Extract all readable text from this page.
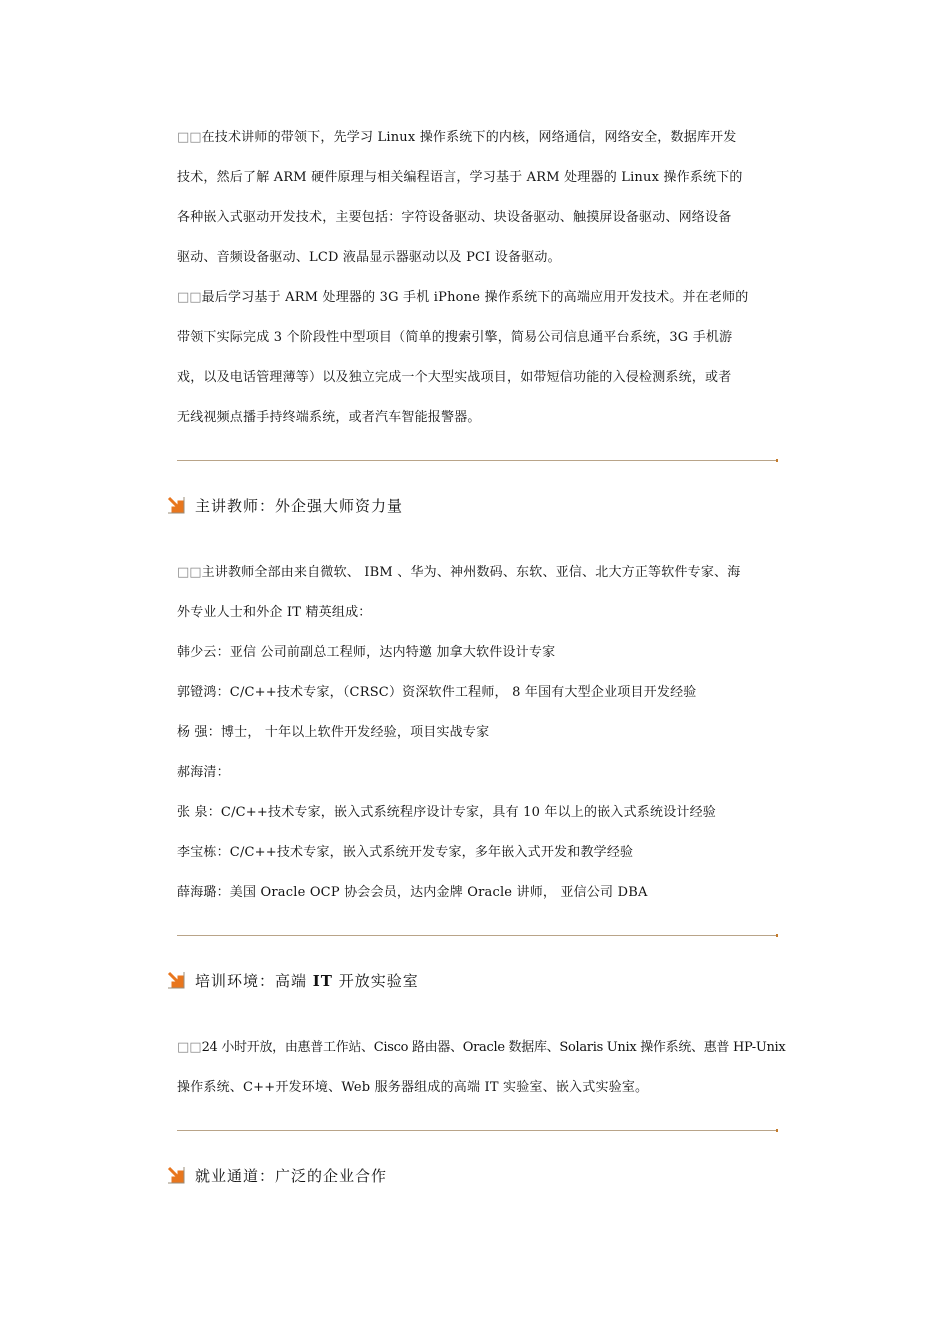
□□ 在技术讲师的带领下，先学习 Linux 操作系统下的内核，网络通信，网络安全，数据库开发
技术，然后了解 ARM 硬件原理与相关编程语言，学习基于 ARM 处理器的 Linux 操作系统下的
各种嵌入式驱动开发技术，主要包括：字符设备驱动、块设备驱动、触摸屏设备驱动、网络设备
驱动、音频设备驱动、LCD 液晶显示器驱动以及 PCI 设备驱动。

□□ 最后学习基于 ARM 处理器的 3G 手机 iPhone 操作系统下的高端应用开发技术。并在老师的
带领下实际完成 3 个阶段性中型项目（简单的搜索引擎，简易公司信息通平台系统，3G 手机游
戏，以及电话管理薄等）以及独立完成一个大型实战项目，如带短信功能的入侵检测系统，或者
无线视频点播手持终端系统，或者汽车智能报警器。

主讲教师：外企强大师资力量

□□ 主讲教师全部由来自微软、 IBM 、华为、神州数码、东软、亚信、北大方正等软件专家、海
外专业人士和外企 IT 精英组成：

韩少云：亚信 公司前副总工程师，达内特邀 加拿大软件设计专家
郭镫鸿：C/C++技术专家，（CRSC）资深软件工程师， 8 年国有大型企业项目开发经验
杨 强：博士， 十年以上软件开发经验，项目实战专家
郝海清：
张 泉：C/C++技术专家，嵌入式系统程序设计专家，具有 10 年以上的嵌入式系统设计经验
李宝栋：C/C++技术专家，嵌入式系统开发专家，多年嵌入式开发和教学经验
薛海璐：美国 Oracle OCP 协会会员，达内金牌 Oracle 讲师， 亚信公司 DBA

培训环境：高端 IT 开放实验室

□□ 24 小时开放，由惠普工作站、Cisco 路由器、Oracle 数据库、Solaris Unix 操作系统、惠普 HP-Unix
操作系统、C++开发环境、Web 服务器组成的高端 IT 实验室、嵌入式实验室。

就业通道：广泛的企业合作
